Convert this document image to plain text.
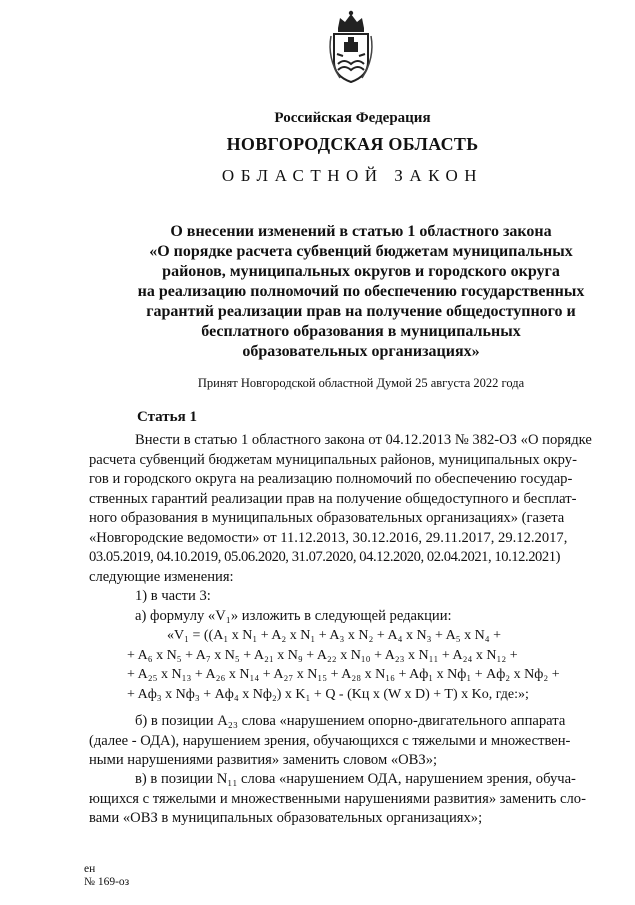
Российская Федерация
НОВГОРОДСКАЯ ОБЛАСТЬ
ОБЛАСТНОЙ ЗАКОН
О внесении изменений в статью 1 областного закона
«О порядке расчета субвенций бюджетам муниципальных
районов, муниципальных округов и городского округа
на реализацию полномочий по обеспечению государственных
гарантий реализации прав на получение общедоступного и
бесплатного образования в муниципальных
образовательных организациях»
Принят Новгородской областной Думой 25 августа 2022 года
Статья 1
Внести в статью 1 областного закона от 04.12.2013 № 382-ОЗ «О порядке
расчета субвенций бюджетам муниципальных районов, муниципальных окру-
гов и городского округа на реализацию полномочий по обеспечению государ-
ственных гарантий реализации прав на получение общедоступного и бесплат-
ного образования в муниципальных образовательных организациях» (газета
«Новгородские ведомости» от 11.12.2013, 30.12.2016, 29.11.2017, 29.12.2017,
03.05.2019, 04.10.2019, 05.06.2020, 31.07.2020, 04.12.2020, 02.04.2021, 10.12.2021)
следующие изменения:
1) в части 3:
а) формулу «V₁» изложить в следующей редакции:
«V₁ = ((A₁ x N₁ + A₂ x N₁ + A₃ x N₂ + A₄ x N₃ + A₅ x N₄ +
+ A₆ x N₅ + A₇ x N₅ + A₂₁ x N₉ + A₂₂ x N₁₀ + A₂₃ x N₁₁ + A₂₄ x N₁₂ +
+ A₂₅ x N₁₃ + A₂₆ x N₁₄ + A₂₇ x N₁₅ + A₂₈ x N₁₆ + Aф₁ x Nф₁ + Aф₂ x Nф₂ +
+ Aф₃ x Nф₃ + Aф₄ x Nф₂) x K₁ + Q - (Kц x (W x D) + T) x Kо, где:»;
б) в позиции A₂₃ слова «нарушением опорно-двигательного аппарата
(далее - ОДА), нарушением зрения, обучающихся с тяжелыми и множествен-
ными нарушениями развития» заменить словом «ОВЗ»;
в) в позиции N₁₁ слова «нарушением ОДА, нарушением зрения, обуча-
ющихся с тяжелыми и множественными нарушениями развития» заменить сло-
вами «ОВЗ в муниципальных образовательных организациях»;
ен
№ 169-оз
